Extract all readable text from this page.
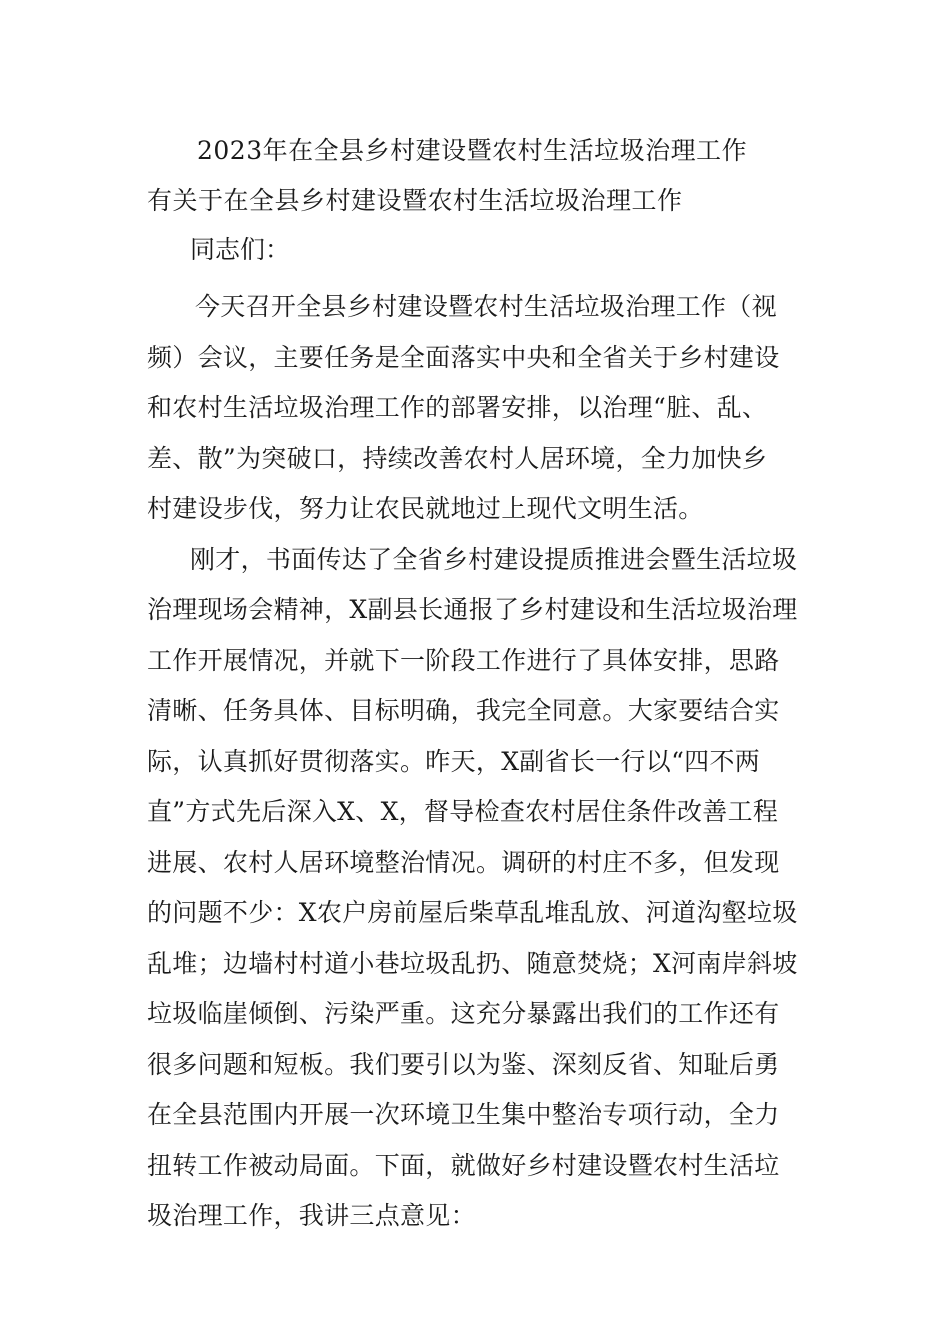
2023年在全县乡村建设暨农村生活垃圾治理工作
有关于在全县乡村建设暨农村生活垃圾治理工作
同志们：
今天召开全县乡村建设暨农村生活垃圾治理工作（视
频）会议，主要任务是全面落实中央和全省关于乡村建设
和农村生活垃圾治理工作的部署安排，以治理“脏、乱、
差、散”为突破口，持续改善农村人居环境，全力加快乡
村建设步伐，努力让农民就地过上现代文明生活。
刚才，书面传达了全省乡村建设提质推进会暨生活垃圾
治理现场会精神，X副县长通报了乡村建设和生活垃圾治理
工作开展情况，并就下一阶段工作进行了具体安排，思路
清晰、任务具体、目标明确，我完全同意。大家要结合实
际，认真抓好贯彻落实。昨天，X副省长一行以“四不两
直”方式先后深入X、X，督导检查农村居住条件改善工程
进展、农村人居环境整治情况。调研的村庄不多，但发现
的问题不少：X农户房前屋后柴草乱堆乱放、河道沟壑垃圾
乱堆；边墙村村道小巷垃圾乱扔、随意焚烧；X河南岸斜坡
垃圾临崖倾倒、污染严重。这充分暴露出我们的工作还有
很多问题和短板。我们要引以为鉴、深刻反省、知耻后勇
在全县范围内开展一次环境卫生集中整治专项行动，全力
扭转工作被动局面。下面，就做好乡村建设暨农村生活垃
圾治理工作，我讲三点意见：
